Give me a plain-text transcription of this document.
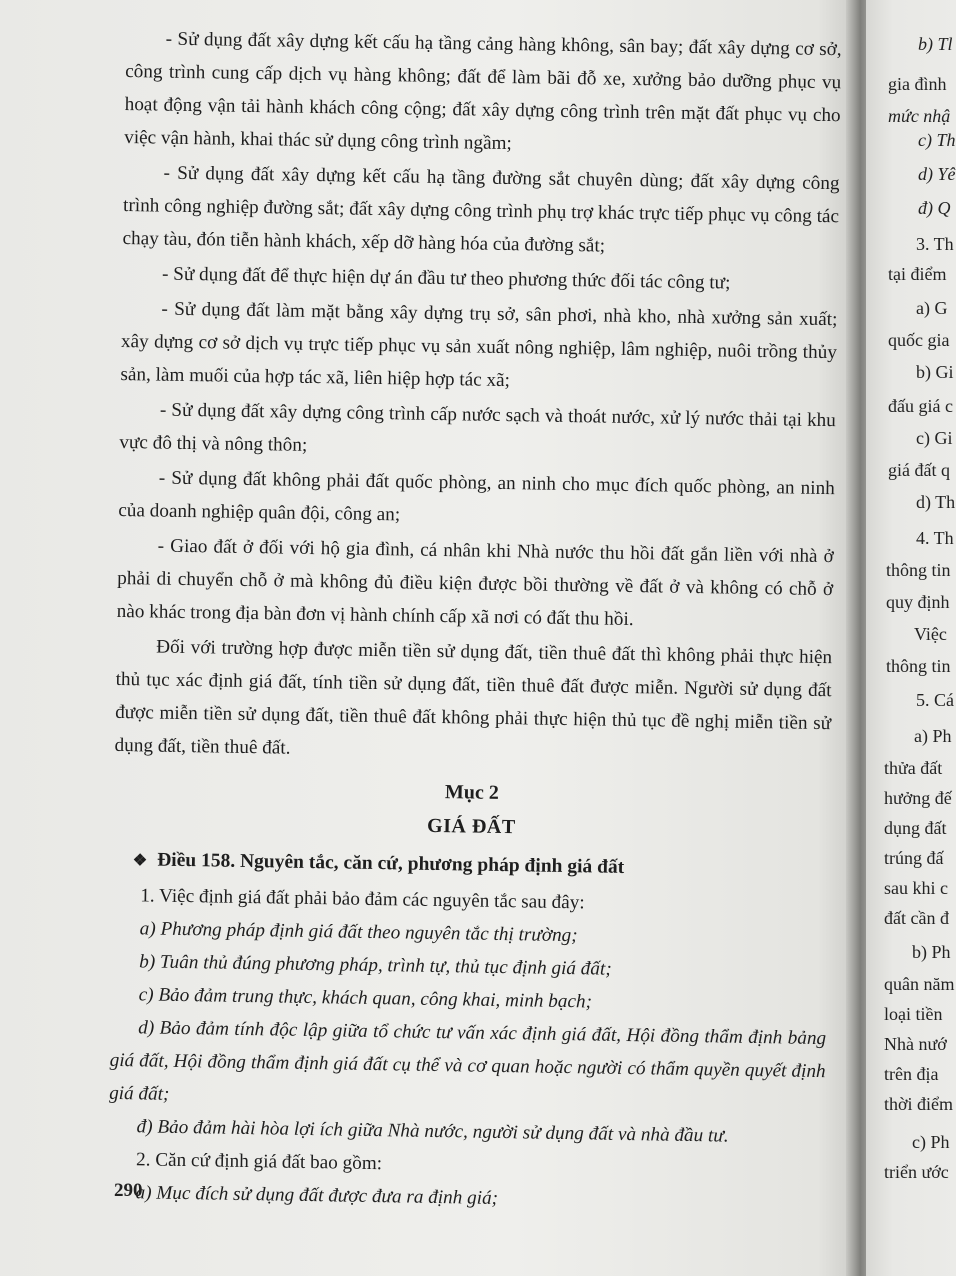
- Sử dụng đất xây dựng kết cấu hạ tầng cảng hàng không, sân bay; đất xây dựng cơ sở, công trình cung cấp dịch vụ hàng không; đất để làm bãi đỗ xe, xưởng bảo dưỡng phục vụ hoạt động vận tải hành khách công cộng; đất xây dựng công trình trên mặt đất phục vụ cho việc vận hành, khai thác sử dụng công trình ngầm;

- Sử dụng đất xây dựng kết cấu hạ tầng đường sắt chuyên dùng; đất xây dựng công trình công nghiệp đường sắt; đất xây dựng công trình phụ trợ khác trực tiếp phục vụ công tác chạy tàu, đón tiễn hành khách, xếp dỡ hàng hóa của đường sắt;

- Sử dụng đất để thực hiện dự án đầu tư theo phương thức đối tác công tư;

- Sử dụng đất làm mặt bằng xây dựng trụ sở, sân phơi, nhà kho, nhà xưởng sản xuất; xây dựng cơ sở dịch vụ trực tiếp phục vụ sản xuất nông nghiệp, lâm nghiệp, nuôi trồng thủy sản, làm muối của hợp tác xã, liên hiệp hợp tác xã;

- Sử dụng đất xây dựng công trình cấp nước sạch và thoát nước, xử lý nước thải tại khu vực đô thị và nông thôn;

- Sử dụng đất không phải đất quốc phòng, an ninh cho mục đích quốc phòng, an ninh của doanh nghiệp quân đội, công an;

- Giao đất ở đối với hộ gia đình, cá nhân khi Nhà nước thu hồi đất gắn liền với nhà ở phải di chuyển chỗ ở mà không đủ điều kiện được bồi thường về đất ở và không có chỗ ở nào khác trong địa bàn đơn vị hành chính cấp xã nơi có đất thu hồi.

Đối với trường hợp được miễn tiền sử dụng đất, tiền thuê đất thì không phải thực hiện thủ tục xác định giá đất, tính tiền sử dụng đất, tiền thuê đất được miễn. Người sử dụng đất được miễn tiền sử dụng đất, tiền thuê đất không phải thực hiện thủ tục đề nghị miễn tiền sử dụng đất, tiền thuê đất.

Mục 2
GIÁ ĐẤT
❖ Điều 158. Nguyên tắc, căn cứ, phương pháp định giá đất

1. Việc định giá đất phải bảo đảm các nguyên tắc sau đây:

a) Phương pháp định giá đất theo nguyên tắc thị trường;

b) Tuân thủ đúng phương pháp, trình tự, thủ tục định giá đất;

c) Bảo đảm trung thực, khách quan, công khai, minh bạch;

d) Bảo đảm tính độc lập giữa tổ chức tư vấn xác định giá đất, Hội đồng thẩm định bảng giá đất, Hội đồng thẩm định giá đất cụ thể và cơ quan hoặc người có thẩm quyền quyết định giá đất;

đ) Bảo đảm hài hòa lợi ích giữa Nhà nước, người sử dụng đất và nhà đầu tư.

2. Căn cứ định giá đất bao gồm:

a) Mục đích sử dụng đất được đưa ra định giá;

290
b) Tl
gia đình
mức nhậ
c) Th
d) Yê
đ) Q
3. Th
tại điểm
a) G
quốc gia
b) Gi
đấu giá c
c) Gi
giá đất q
d) Th
4. Th
thông tin
quy định
Việc
thông tin
5. Cá
a) Ph
thửa đất
hưởng đế
dụng đất
trúng đấ
sau khi c
đất cần đ
b) Ph
quân năm
loại tiền
Nhà nướ
trên địa
thời điểm
c) Ph
triển ước
